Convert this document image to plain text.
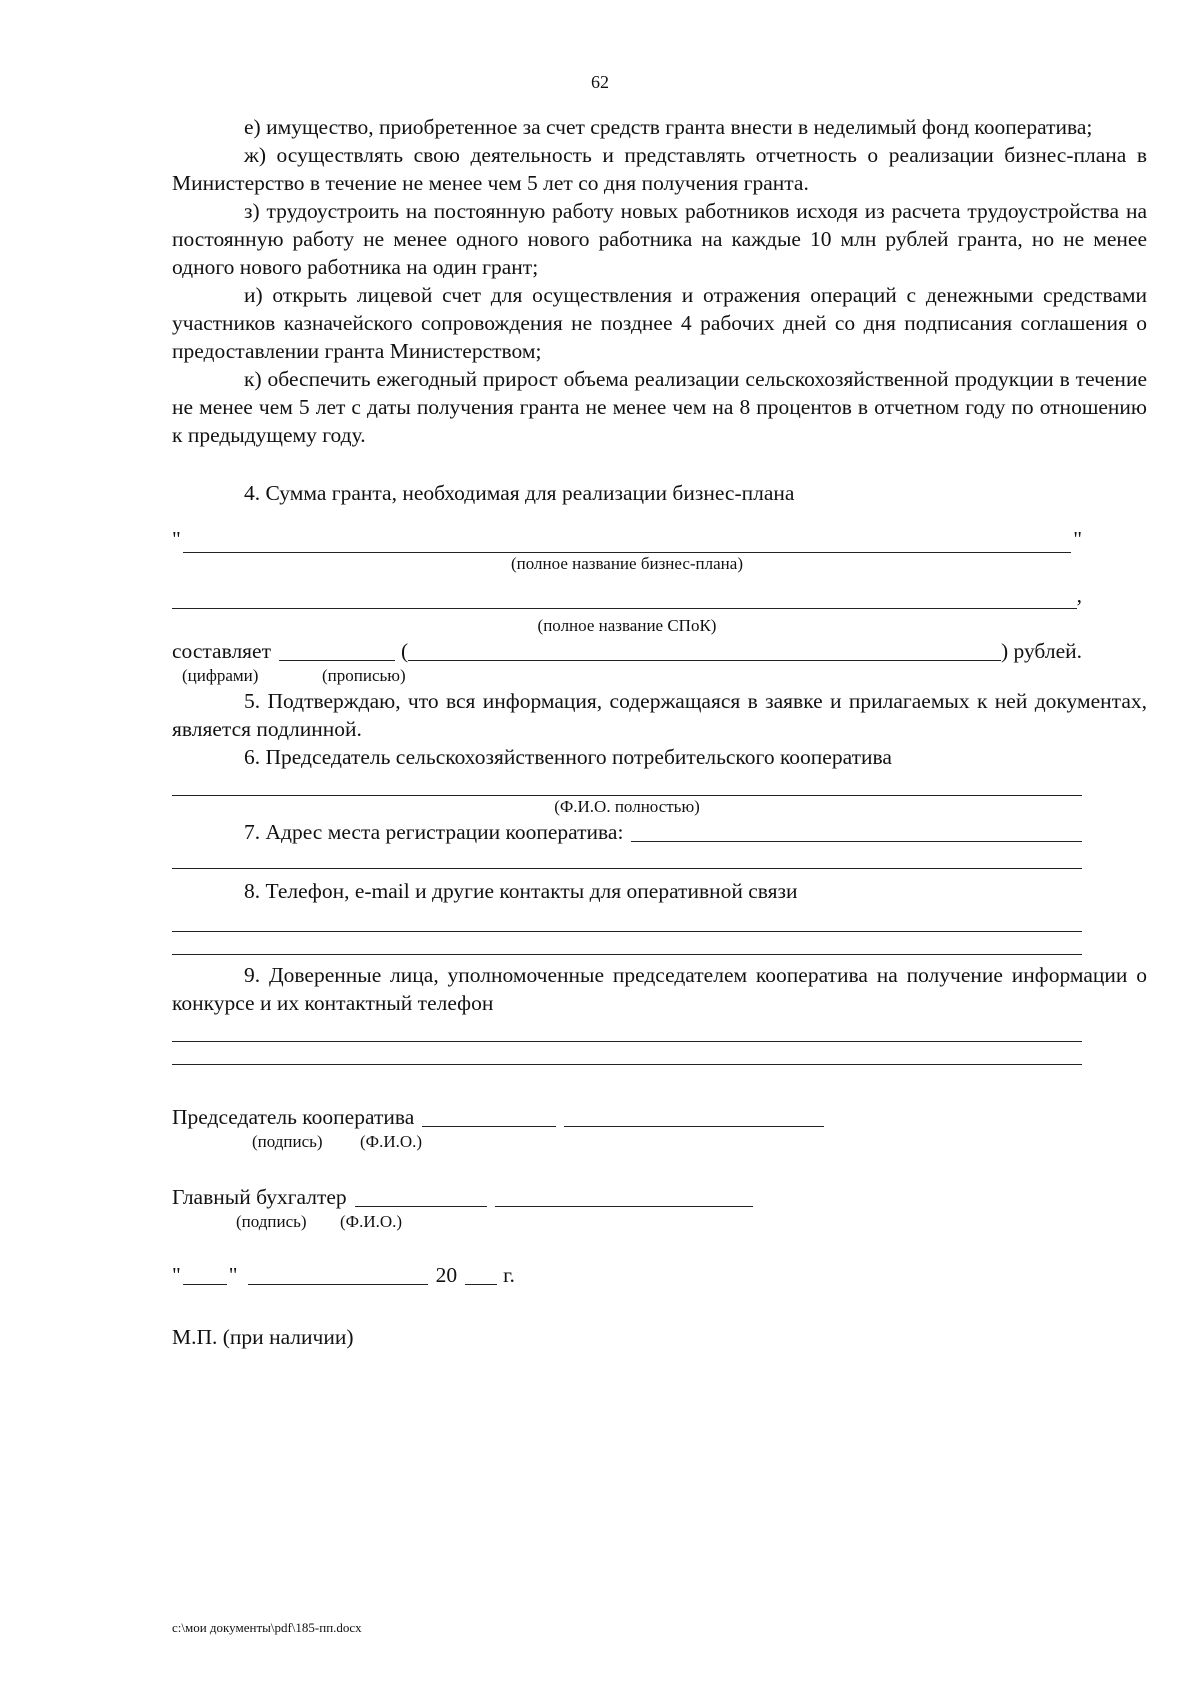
62

е) имущество, приобретенное за счет средств гранта внести в неделимый фонд кооператива;

ж) осуществлять свою деятельность и представлять отчетность о реализации бизнес-плана в Министерство в течение не менее чем 5 лет со дня получения гранта.

з) трудоустроить на постоянную работу новых работников исходя из расчета трудоустройства на постоянную работу не менее одного нового работника на каждые 10 млн рублей гранта, но не менее одного нового работника на один грант;

и) открыть лицевой счет для осуществления и отражения операций с денежными средствами участников казначейского сопровождения не позднее 4 рабочих дней со дня подписания соглашения о предоставлении гранта Министерством;

к) обеспечить ежегодный прирост объема реализации сельскохозяйственной продукции в течение не менее чем 5 лет с даты получения гранта не менее чем на 8 процентов в отчетном году по отношению к предыдущему году.

4. Сумма гранта, необходимая для реализации бизнес-плана

"	"
(полное название бизнес-плана)
,
(полное название СПоК)
составляет	(	) рублей.
(цифрами)	(прописью)

5. Подтверждаю, что вся информация, содержащаяся в заявке и прилагаемых к ней документах, является подлинной.

6. Председатель сельскохозяйственного потребительского кооператива

(Ф.И.О. полностью)
7. Адрес места регистрации кооператива:

8. Телефон, e-mail и другие контакты для оперативной связи

9. Доверенные лица, уполномоченные председателем кооператива на получение информации о конкурсе и их контактный телефон

Председатель кооператива
(подпись) (Ф.И.О.)
Главный бухгалтер
(подпись) (Ф.И.О.)
" "	20 г.

М.П. (при наличии)

c:\мои документы\pdf\185-пп.docx
